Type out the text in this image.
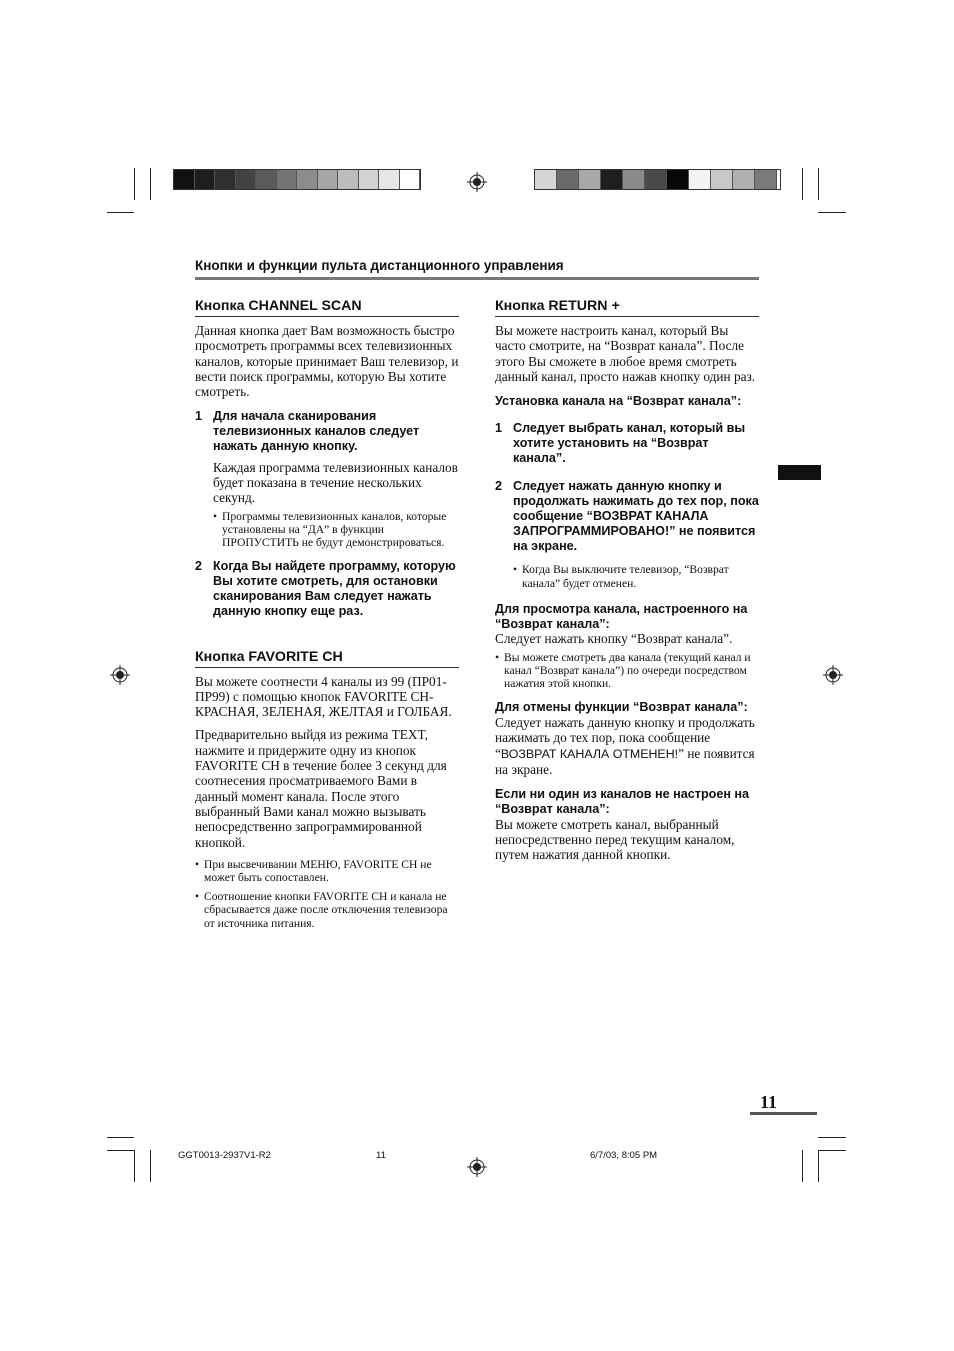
Кнопки и функции пульта дистанционного управления
Кнопка CHANNEL SCAN

Данная кнопка дает Вам возможность быстро просмотреть программы всех телевизионных каналов, которые принимает Ваш телевизор, и вести поиск программы, которую Вы хотите смотреть.

1 Для начала сканирования телевизионных каналов следует нажать данную кнопку.

Каждая программа телевизионных каналов будет показана в течение нескольких секунд.

• Программы телевизионных каналов, которые установлены на “ДА” в функции ПРОПУСТИТЬ не будут демонстрироваться.
2 Когда Вы найдете программу, которую Вы хотите смотреть, для остановки сканирования Вам следует нажать данную кнопку еще раз.
Кнопка FAVORITE CH

Вы можете соотнести 4 каналы из 99 (ПР01-ПР99) с помощью кнопок FAVORITE CH-КРАСНАЯ, ЗЕЛЕНАЯ, ЖЕЛТАЯ и ГОЛБАЯ.

Предварительно выйдя из режима TEXT, нажмите и придержите одну из кнопок FAVORITE CH в течение более 3 секунд для соотнесения просматриваемого Вами в данный момент канала. После этого выбранный Вами канал можно вызывать непосредственно запрограммированной кнопкой.

• При высвечивании МЕНЮ, FAVORITE CH не может быть сопоставлен.
• Соотношение кнопки FAVORITE CH и канала не сбрасывается даже после отключения телевизора от источника питания.
Кнопка RETURN +

Вы можете настроить канал, который Вы часто смотрите, на “Возврат канала”. После этого Вы сможете в любое время смотреть данный канал, просто нажав кнопку один раз.

Установка канала на “Возврат канала”:
1 Следует выбрать канал, который вы хотите установить на “Возврат канала”.
2 Следует нажать данную кнопку и продолжать нажимать до тех пор, пока сообщение “ВОЗВРАТ КАНАЛА ЗАПРОГРАММИРОВАНО!” не появится на экране.
• Когда Вы выключите телевизор, “Возврат канала” будет отменен.
Для просмотра канала, настроенного на “Возврат канала”:

Следует нажать кнопку “Возврат канала”.

• Вы можете смотреть два канала (текущий канал и канал “Возврат канала”) по очереди посредством нажатия этой кнопки.
Для отмены функции “Возврат канала”:

Следует нажать данную кнопку и продолжать нажимать до тех пор, пока сообщение “ВОЗВРАТ КАНАЛА ОТМЕНЕН!” не появится на экране.

Если ни один из каналов не настроен на “Возврат канала”:

Вы можете смотреть канал, выбранный непосредственно перед текущим каналом, путем нажатия данной кнопки.

11
GGT0013-2937V1-R2	11	6/7/03, 8:05 PM
